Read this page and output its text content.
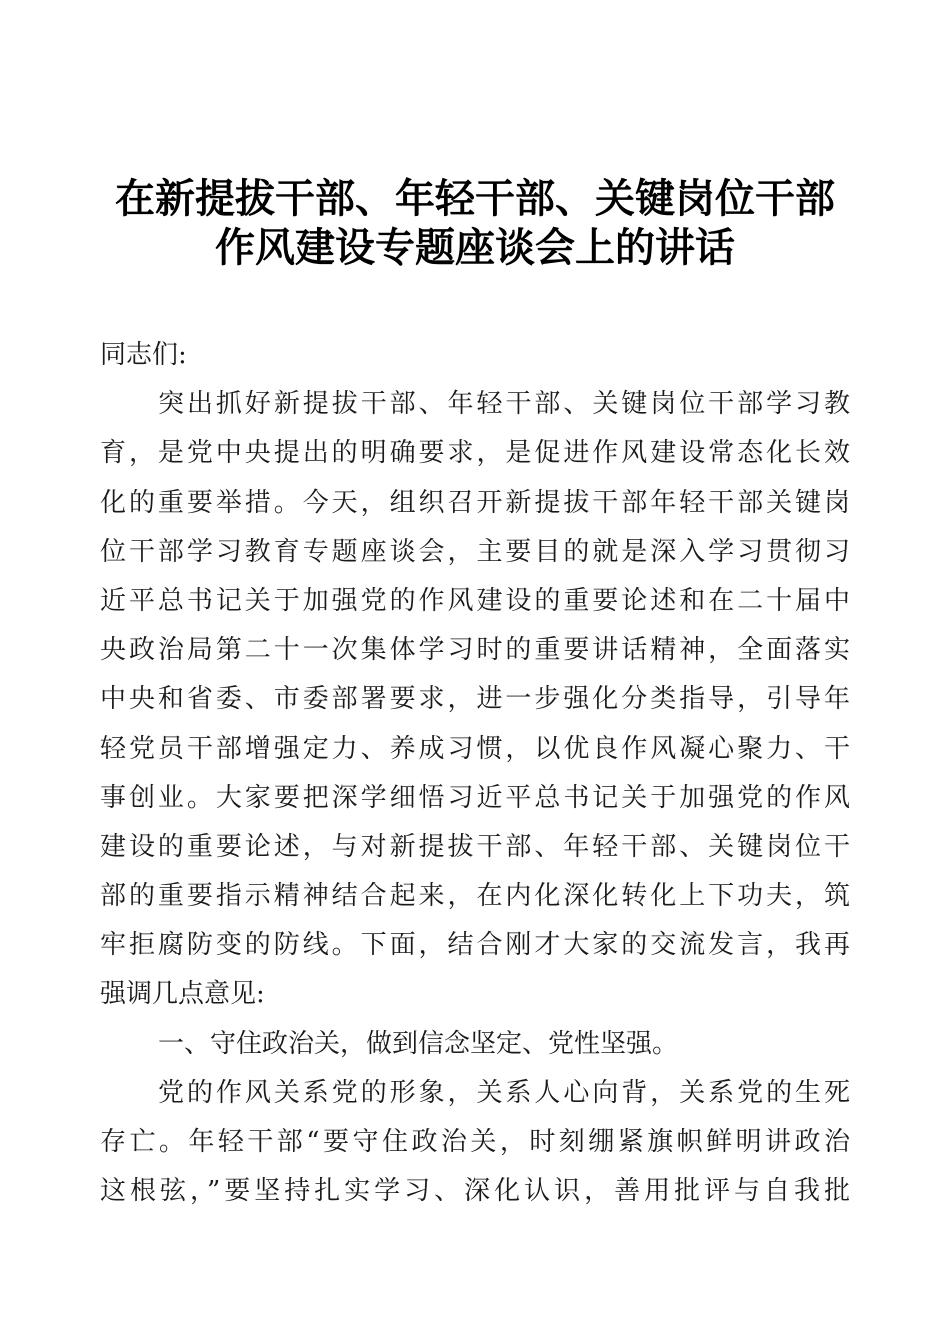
在新提拔干部、年轻干部、关键岗位干部
作风建设专题座谈会上的讲话
同志们:
突出抓好新提拔干部、年轻干部、关键岗位干部学习教
育，是党中央提出的明确要求，是促进作风建设常态化长效
化的重要举措。今天，组织召开新提拔干部年轻干部关键岗
位干部学习教育专题座谈会，主要目的就是深入学习贯彻习
近平总书记关于加强党的作风建设的重要论述和在二十届中
央政治局第二十一次集体学习时的重要讲话精神，全面落实
中央和省委、市委部署要求，进一步强化分类指导，引导年
轻党员干部增强定力、养成习惯，以优良作风凝心聚力、干
事创业。大家要把深学细悟习近平总书记关于加强党的作风
建设的重要论述，与对新提拔干部、年轻干部、关键岗位干
部的重要指示精神结合起来，在内化深化转化上下功夫，筑
牢拒腐防变的防线。下面，结合刚才大家的交流发言，我再
强调几点意见:
一、守住政治关，做到信念坚定、党性坚强。
党的作风关系党的形象，关系人心向背，关系党的生死
存亡。年轻干部“要守住政治关，时刻绷紧旗帜鲜明讲政治
这根弦，”要坚持扎实学习、深化认识，善用批评与自我批
